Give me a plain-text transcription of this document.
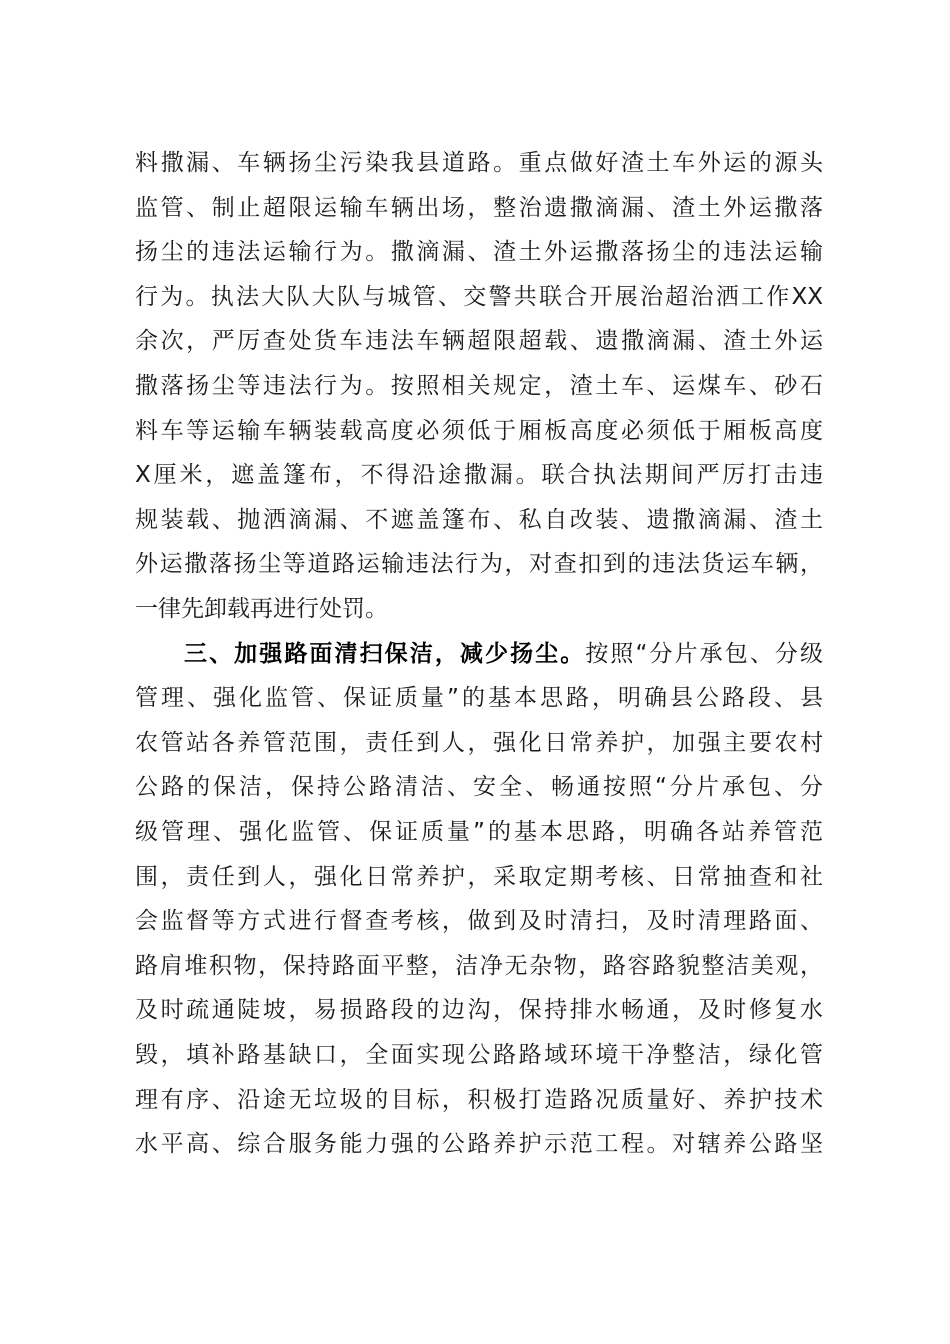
料撒漏、车辆扬尘污染我县道路。重点做好渣土车外运的源头
监管、制止超限运输车辆出场，整治遗撒滴漏、渣土外运撒落
扬尘的违法运输行为。撒滴漏、渣土外运撒落扬尘的违法运输
行为。执法大队大队与城管、交警共联合开展治超治洒工作XX
余次，严厉查处货车违法车辆超限超载、遗撒滴漏、渣土外运
撒落扬尘等违法行为。按照相关规定，渣土车、运煤车、砂石
料车等运输车辆装载高度必须低于厢板高度必须低于厢板高度
X厘米，遮盖篷布，不得沿途撒漏。联合执法期间严厉打击违
规装载、抛洒滴漏、不遮盖篷布、私自改装、遗撒滴漏、渣土
外运撒落扬尘等道路运输违法行为，对查扣到的违法货运车辆，
一律先卸载再进行处罚。
三、加强路面清扫保洁，减少扬尘。按照“分片承包、分级
管理、强化监管、保证质量”的基本思路，明确县公路段、县
农管站各养管范围，责任到人，强化日常养护，加强主要农村
公路的保洁，保持公路清洁、安全、畅通按照“分片承包、分
级管理、强化监管、保证质量”的基本思路，明确各站养管范
围，责任到人，强化日常养护，采取定期考核、日常抽查和社
会监督等方式进行督查考核，做到及时清扫，及时清理路面、
路肩堆积物，保持路面平整，洁净无杂物，路容路貌整洁美观，
及时疏通陡坡，易损路段的边沟，保持排水畅通，及时修复水
毁，填补路基缺口，全面实现公路路域环境干净整洁，绿化管
理有序、沿途无垃圾的目标，积极打造路况质量好、养护技术
水平高、综合服务能力强的公路养护示范工程。对辖养公路坚
